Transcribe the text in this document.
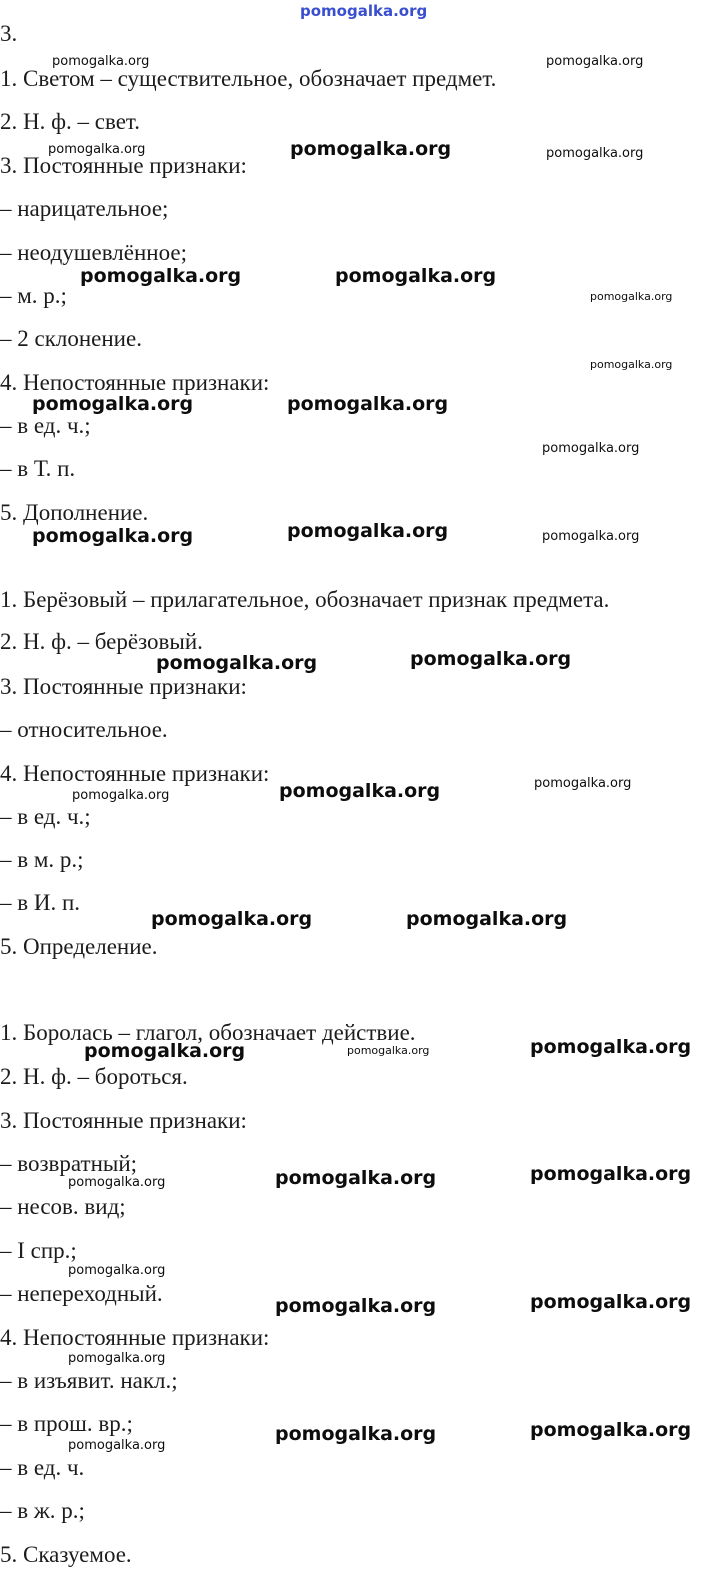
pomogalka.org
3.
1. Светом – существительное, обозначает предмет.
2. Н. ф. – свет.
3. Постоянные признаки:
– нарицательное;
– неодушевлённое;
– м. р.;
– 2 склонение.
4. Непостоянные признаки:
– в ед. ч.;
– в Т. п.
5. Дополнение.
1. Берёзовый – прилагательное, обозначает признак предмета.
2. Н. ф. – берёзовый.
3. Постоянные признаки:
– относительное.
4. Непостоянные признаки:
– в ед. ч.;
– в м. р.;
– в И. п.
5. Определение.
1. Боролась – глагол, обозначает действие.
2. Н. ф. – бороться.
3. Постоянные признаки:
– возвратный;
– несов. вид;
– I спр.;
– непереходный.
4. Непостоянные признаки:
– в изъявит. накл.;
– в прош. вр.;
– в ед. ч.
– в ж. р.;
5. Сказуемое.
pomogalka.org	pomogalka.org
pomogalka.org	pomogalka.org	pomogalka.org
pomogalka.org	pomogalka.org
pomogalka.org
pomogalka.org
pomogalka.org	pomogalka.org
pomogalka.org
pomogalka.org	pomogalka.org	pomogalka.org
pomogalka.org	pomogalka.org
pomogalka.org
pomogalka.org	pomogalka.org
pomogalka.org	pomogalka.org
pomogalka.org	pomogalka.org	pomogalka.org
pomogalka.org
pomogalka.org
pomogalka.org
pomogalka.org
pomogalka.org
pomogalka.org
pomogalka.org
pomogalka.org
pomogalka.org
pomogalka.org
